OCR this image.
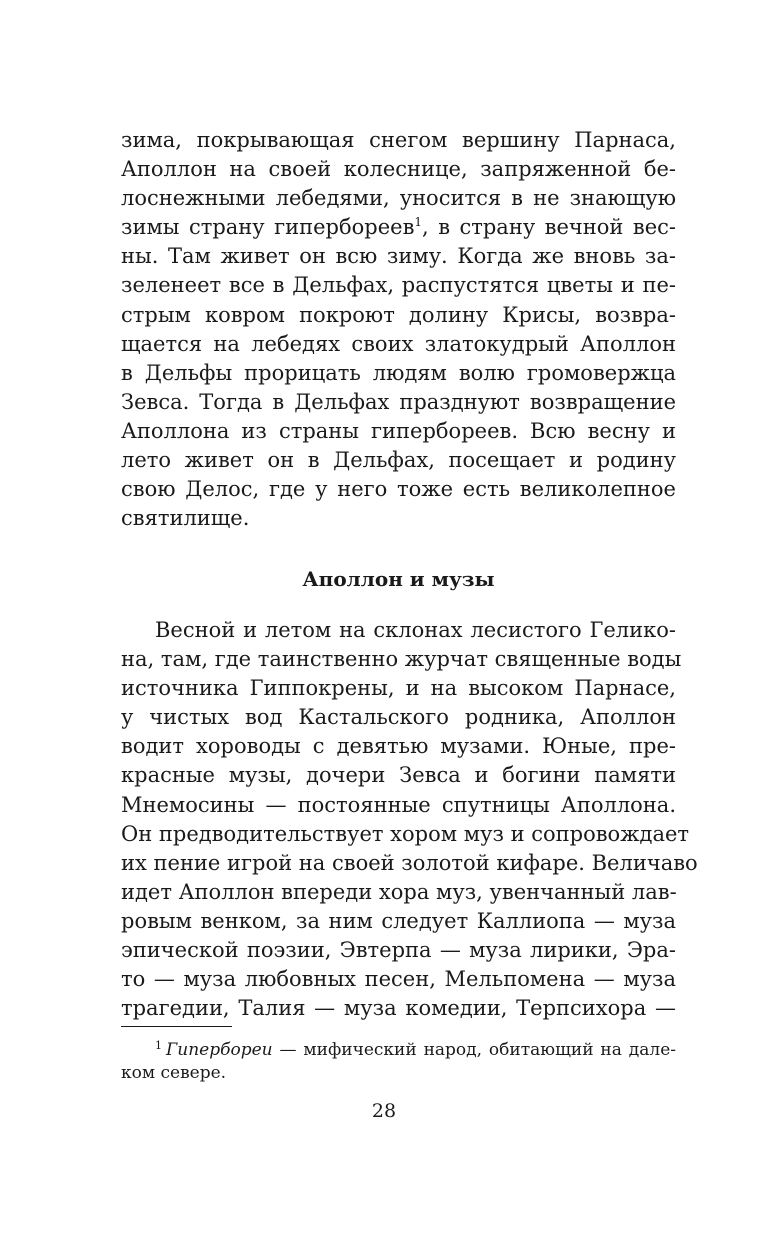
зима, покрывающая снегом вершину Парнаса,
Аполлон на своей колеснице, запряженной бе-
лоснежными лебедями, уносится в не знающую
зимы страну гипербореев$^1$, в страну вечной вес-
ны. Там живет он всю зиму. Когда же вновь за-
зеленеет все в Дельфах, распустятся цветы и пе-
стрым ковром покроют долину Крисы, возвра-
щается на лебедях своих златокудрый Аполлон
в Дельфы прорицать людям волю громовержца
Зевса. Тогда в Дельфах празднуют возвращение
Аполлона из страны гипербореев. Всю весну и
лето живет он в Дельфах, посещает и родину
свою Делос, где у него тоже есть великолепное
святилище.
Аполлон и музы
Весной и летом на склонах лесистого Гелико-
на, там, где таинственно журчат священные воды
источника Гиппокрены, и на высоком Парнасе,
у чистых вод Кастальского родника, Аполлон
водит хороводы с девятью музами. Юные, пре-
красные музы, дочери Зевса и богини памяти
Мнемосины — постоянные спутницы Аполлона.
Он предводительствует хором муз и сопровождает
их пение игрой на своей золотой кифаре. Величаво
идет Аполлон впереди хора муз, увенчанный лав-
ровым венком, за ним следует Каллиопа — муза
эпической поэзии, Эвтерпа — муза лирики, Эра-
то — муза любовных песен, Мельпомена — муза
трагедии, Талия — муза комедии, Терпсихора —
$^1$ Гипербореи — мифический народ, обитающий на дале-
ком севере.
28
